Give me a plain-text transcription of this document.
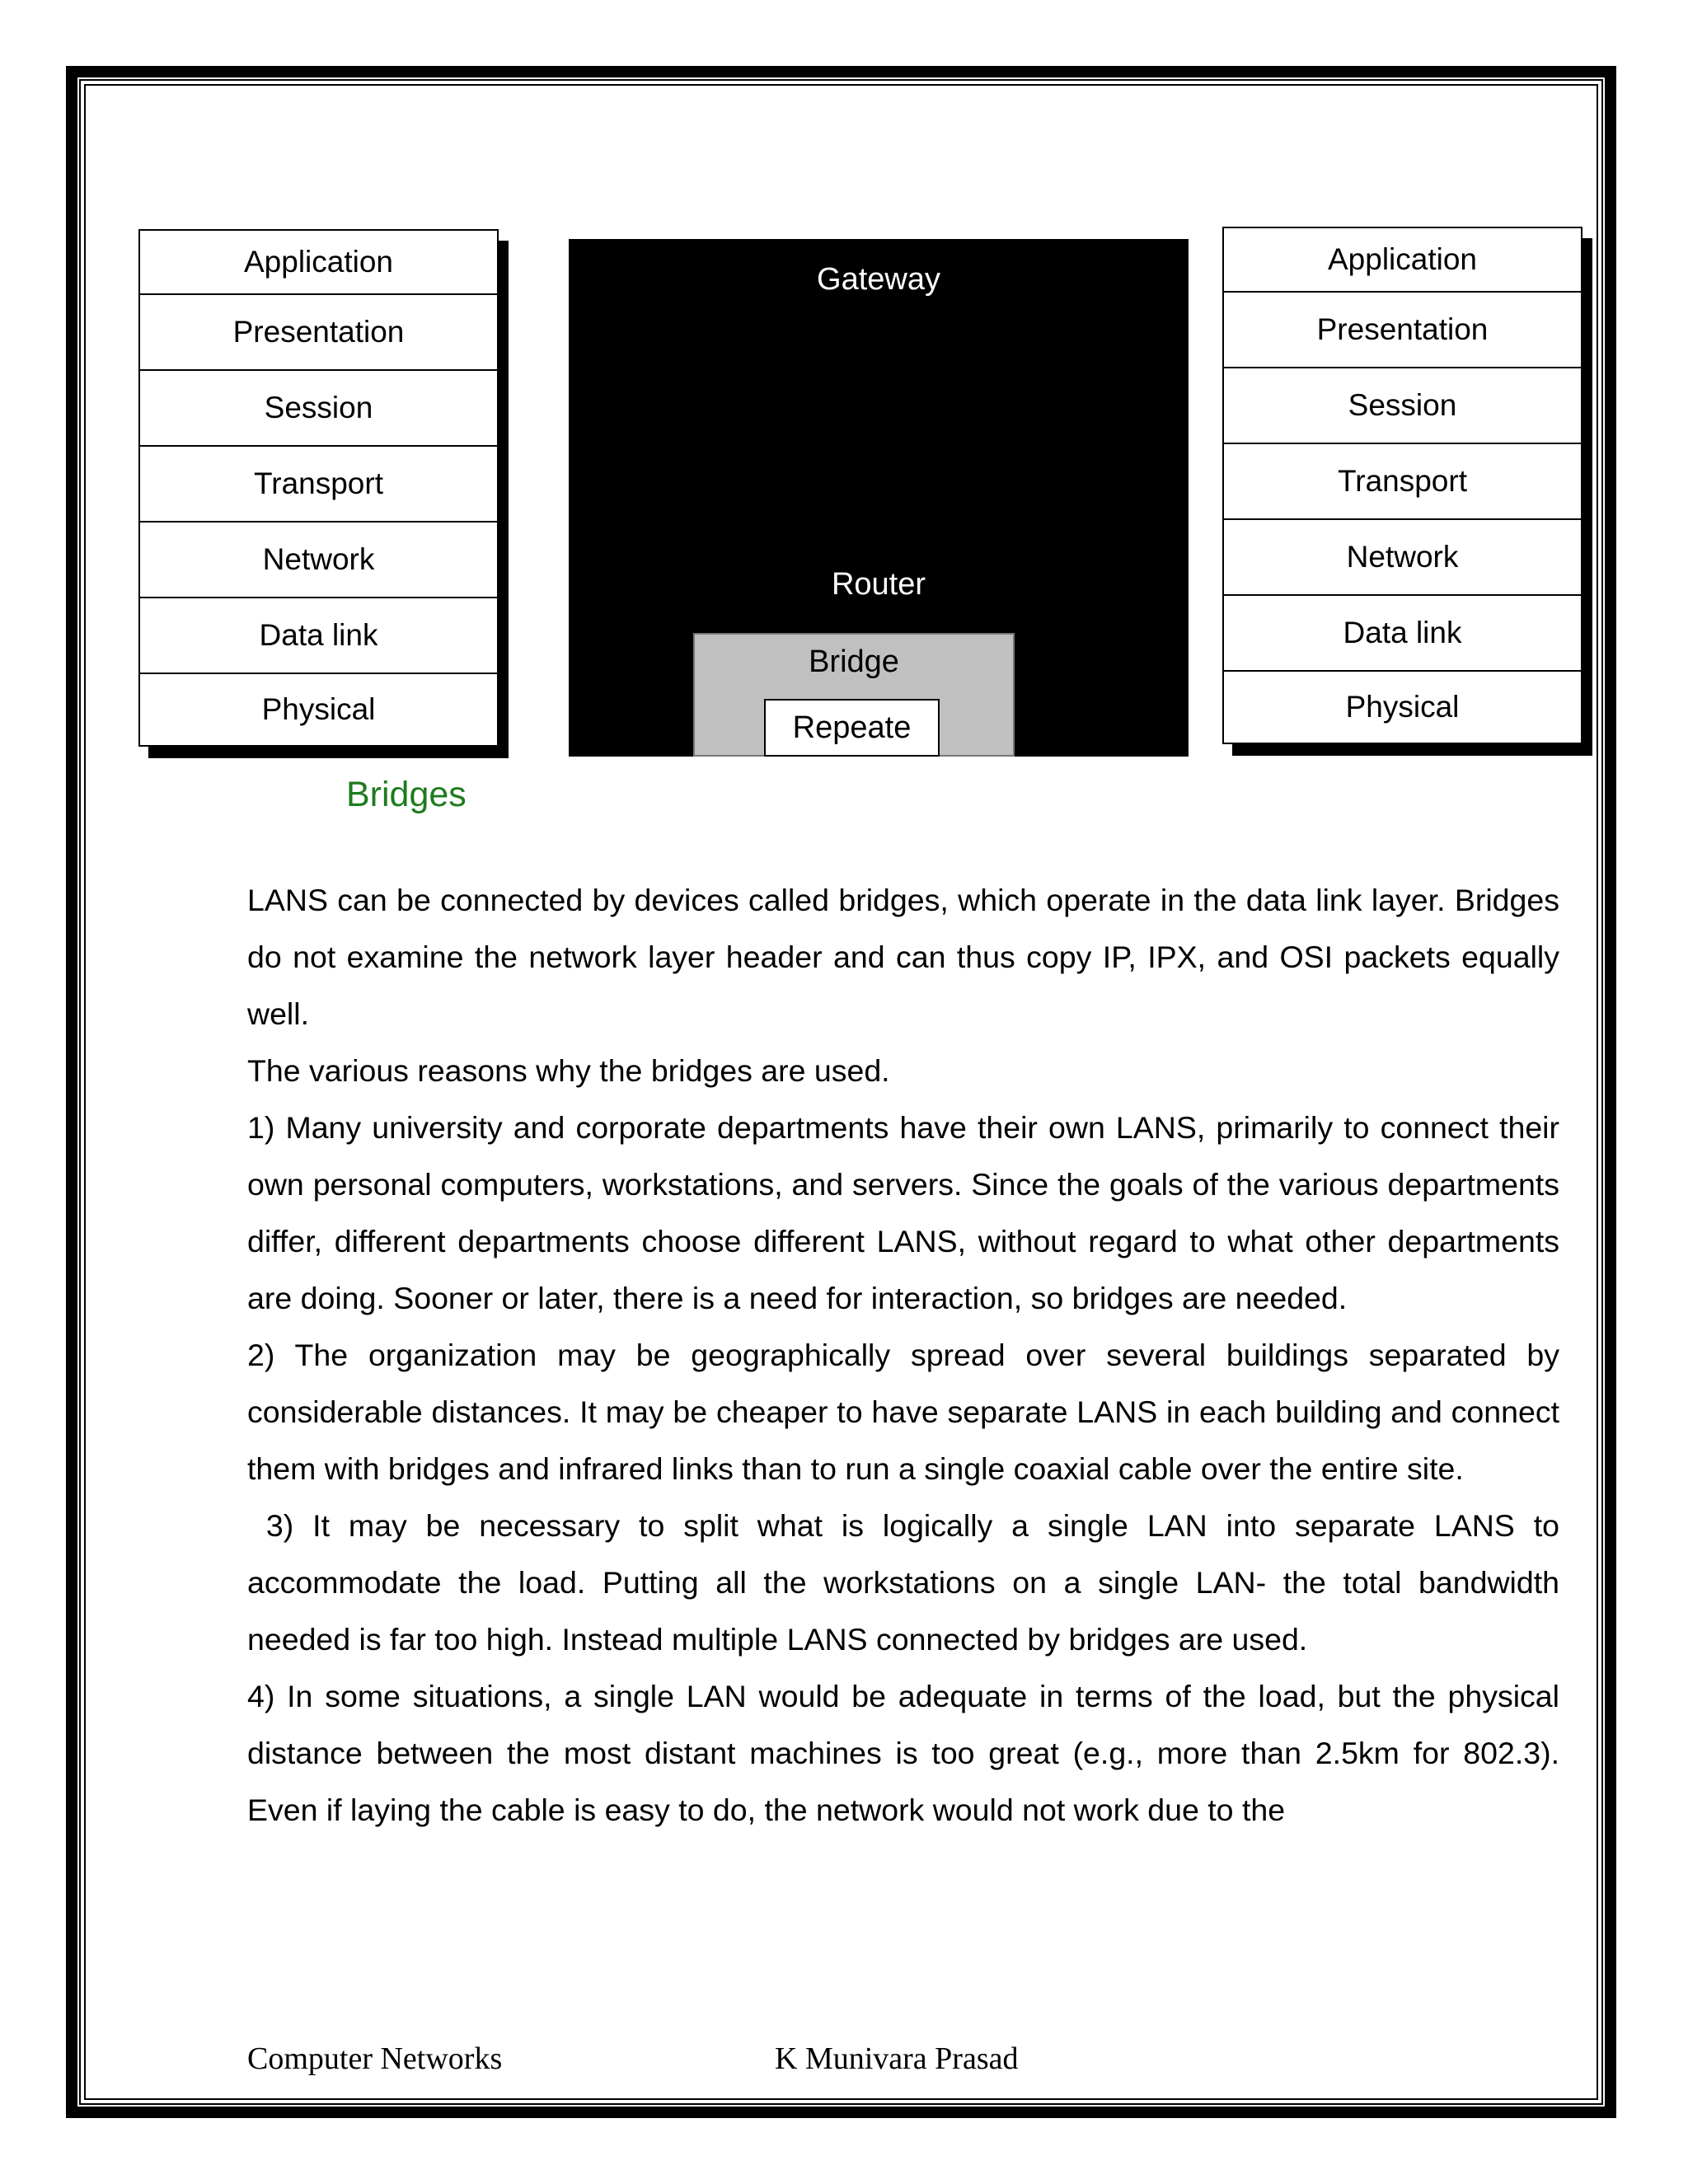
Application
Presentation
Session
Transport
Network
Data link
Physical
Gateway
Router
Bridge
Repeate
Application
Presentation
Session
Transport
Network
Data link
Physical
Bridges

LANS can be connected by devices called bridges, which operate in the data link layer. Bridges do not examine the network layer header and can thus copy IP, IPX, and OSI packets equally well.

The various reasons why the bridges are used.

1) Many university and corporate departments have their own LANS, primarily to connect their own personal computers, workstations, and servers. Since the goals of the various departments differ, different departments choose different LANS, without regard to what other departments are doing. Sooner or later, there is a need for interaction, so bridges are needed.

2) The organization may be geographically spread over several buildings separated by considerable distances. It may be cheaper to have separate LANS in each building and connect them with bridges and infrared links than to run a single coaxial cable over the entire site.

3) It may be necessary to split what is logically a single LAN into separate LANS to accommodate the load. Putting all the workstations on a single LAN- the total bandwidth needed is far too high. Instead multiple LANS connected by bridges are used.

4) In some situations, a single LAN would be adequate in terms of the load, but the physical distance between the most distant machines is too great (e.g., more than 2.5km for 802.3). Even if laying the cable is easy to do, the network would not work due to the

Computer Networks	K Munivara Prasad
